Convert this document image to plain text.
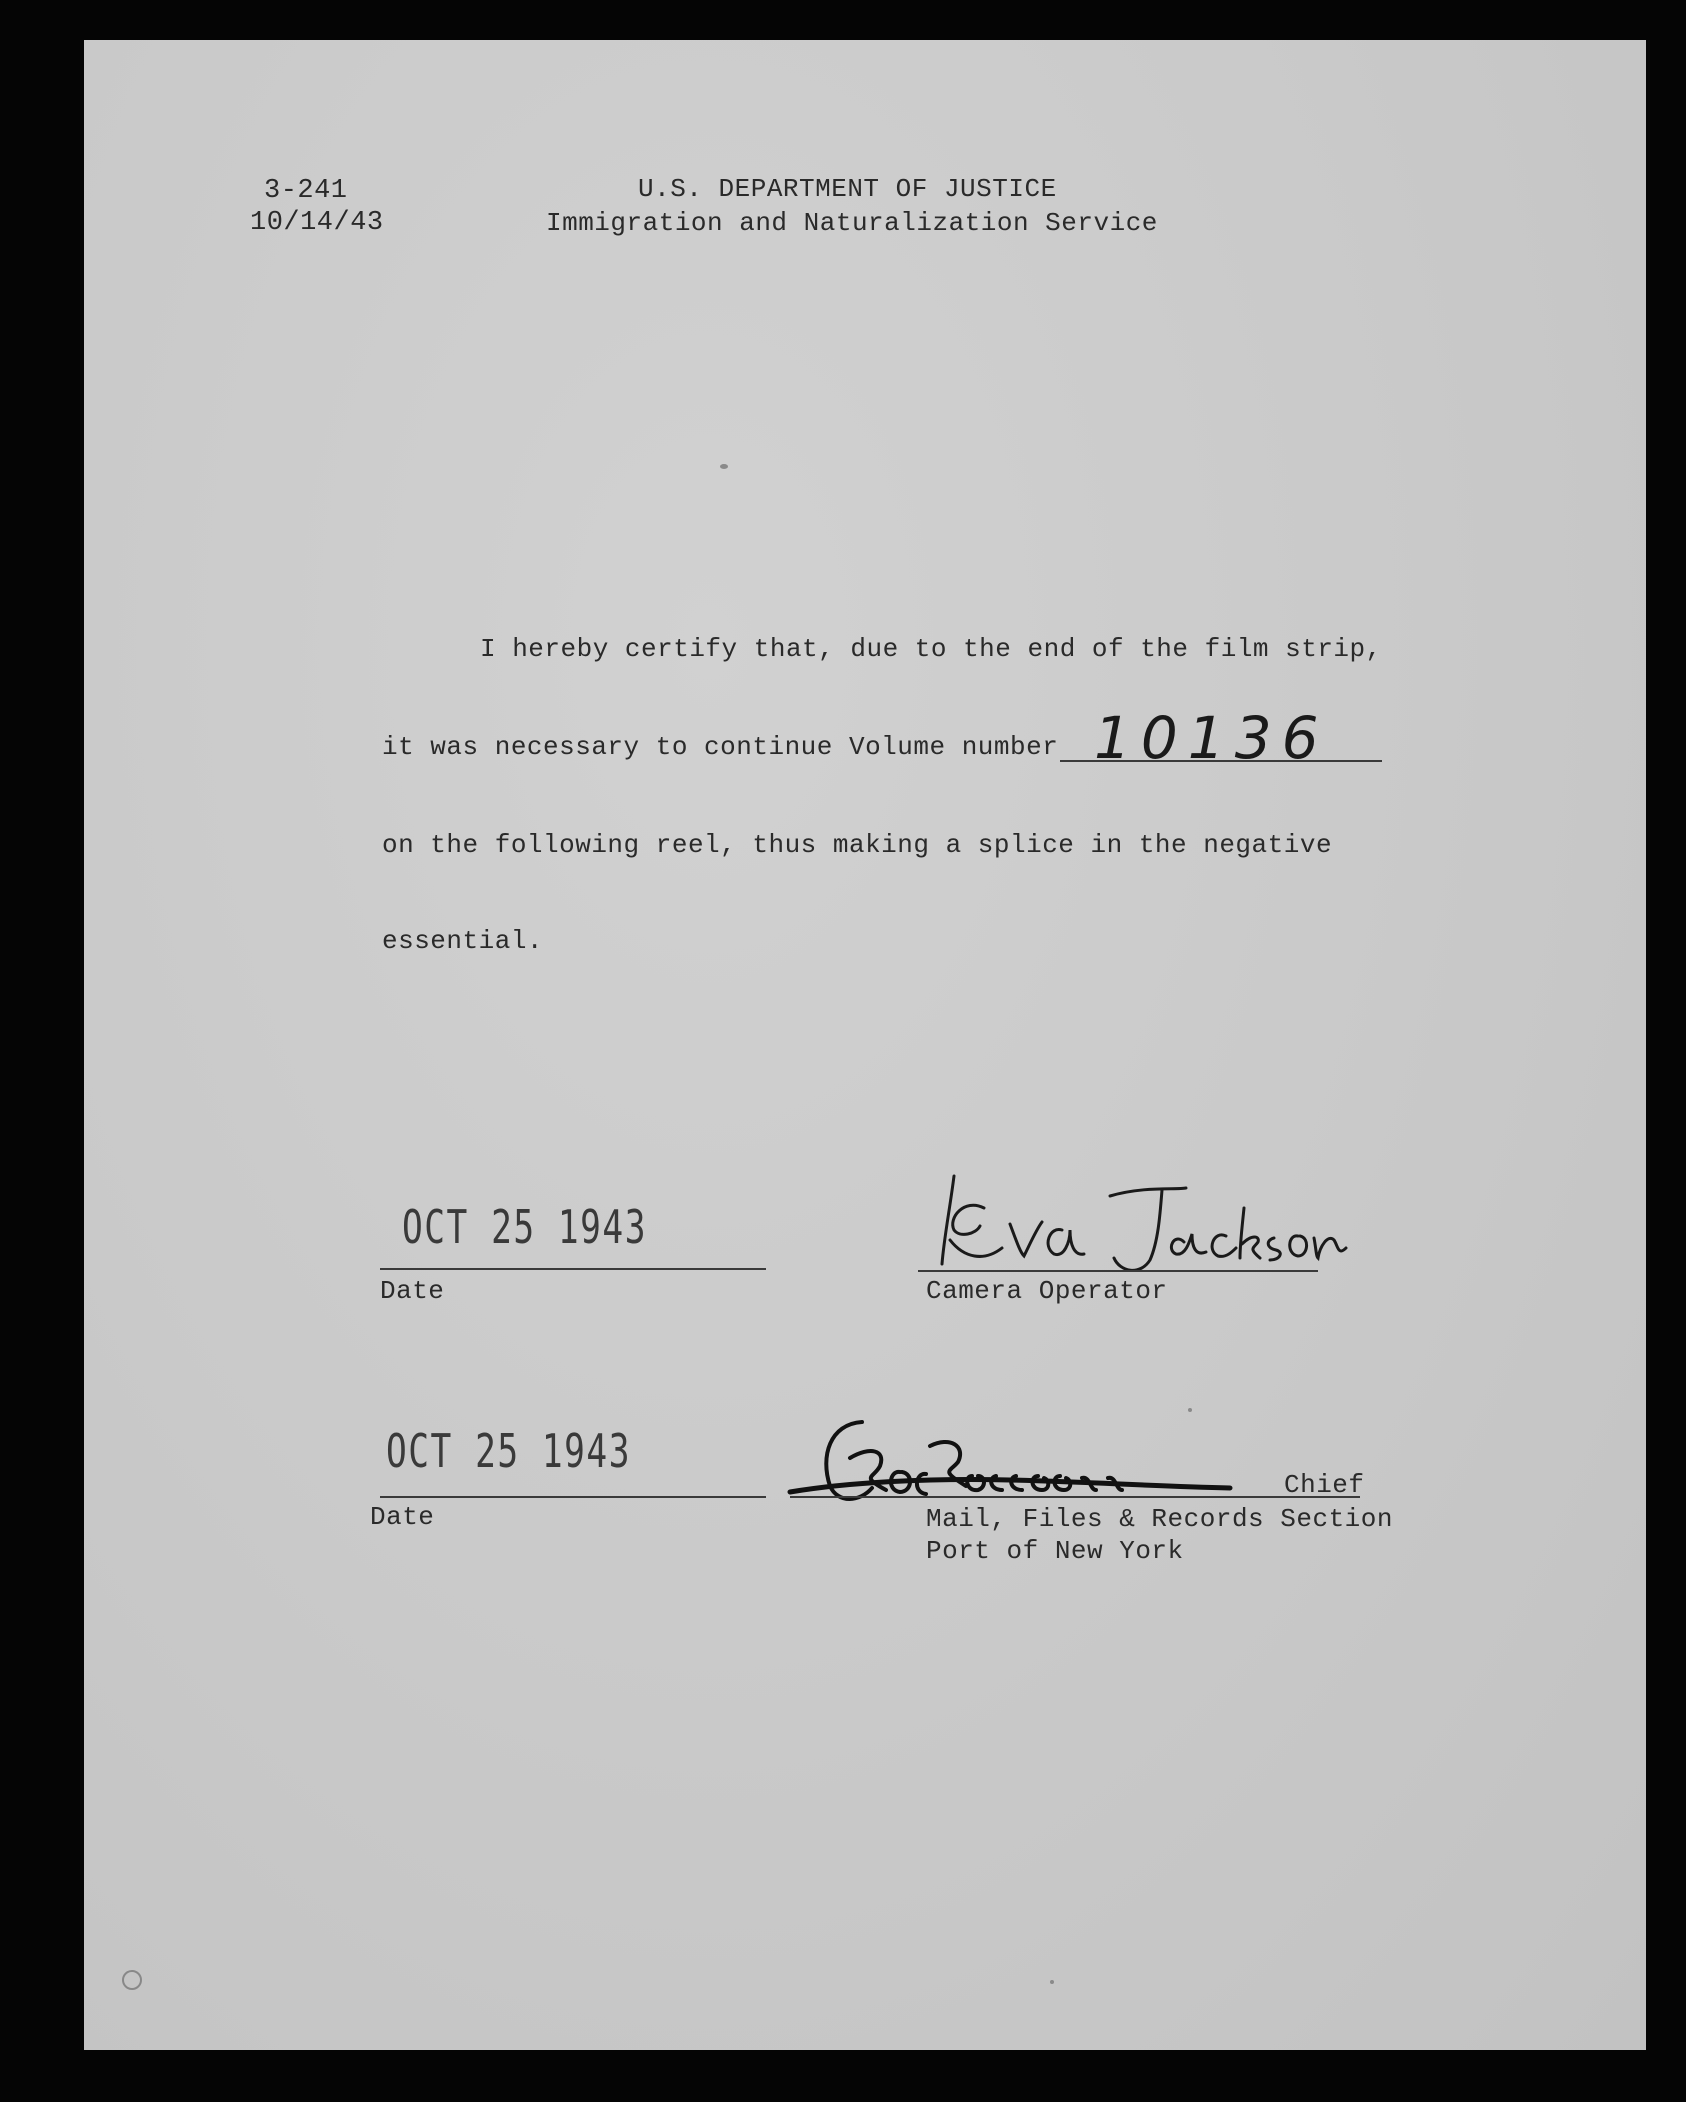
3-241
10/14/43
U.S. DEPARTMENT OF JUSTICE
Immigration and Naturalization Service
I hereby certify that, due to the end of the film strip,
it was necessary to continue Volume number 10136
on the following reel, thus making a splice in the negative
essential.
OCT 25 1943
Date	Camera Operator
OCT 25 1943
Date
Chief
Mail, Files & Records Section
Port of New York
